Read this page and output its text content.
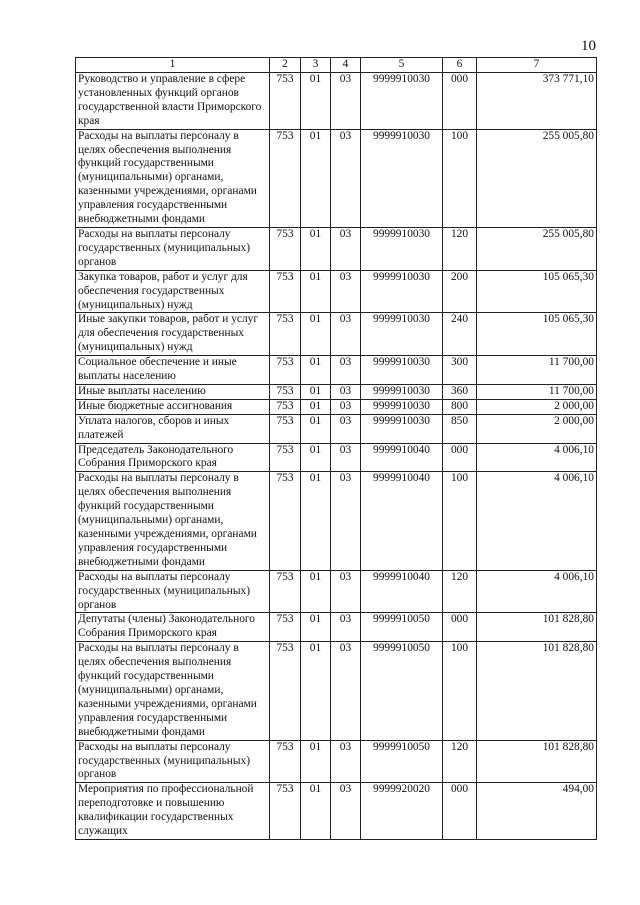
10
1	2	3	4	5	6	7
Руководство и управление в сфере установленных функций органов государственной власти Приморского края	753	01	03	9999910030	000	373 771,10
Расходы на выплаты персоналу в целях обеспечения выполнения функций государственными (муниципальными) органами, казенными учреждениями, органами управления государственными внебюджетными фондами	753	01	03	9999910030	100	255 005,80
Расходы на выплаты персоналу государственных (муниципальных) органов	753	01	03	9999910030	120	255 005,80
Закупка товаров, работ и услуг для обеспечения государственных (муниципальных) нужд	753	01	03	9999910030	200	105 065,30
Иные закупки товаров, работ и услуг для обеспечения государственных (муниципальных) нужд	753	01	03	9999910030	240	105 065,30
Социальное обеспечение и иные выплаты населению	753	01	03	9999910030	300	11 700,00
Иные выплаты населению	753	01	03	9999910030	360	11 700,00
Иные бюджетные ассигнования	753	01	03	9999910030	800	2 000,00
Уплата налогов, сборов и иных платежей	753	01	03	9999910030	850	2 000,00
Председатель Законодательного Собрания Приморского края	753	01	03	9999910040	000	4 006,10
Расходы на выплаты персоналу в целях обеспечения выполнения функций государственными (муниципальными) органами, казенными учреждениями, органами управления государственными внебюджетными фондами	753	01	03	9999910040	100	4 006,10
Расходы на выплаты персоналу государственных (муниципальных) органов	753	01	03	9999910040	120	4 006,10
Депутаты (члены) Законодательного Собрания Приморского края	753	01	03	9999910050	000	101 828,80
Расходы на выплаты персоналу в целях обеспечения выполнения функций государственными (муниципальными) органами, казенными учреждениями, органами управления государственными внебюджетными фондами	753	01	03	9999910050	100	101 828,80
Расходы на выплаты персоналу государственных (муниципальных) органов	753	01	03	9999910050	120	101 828,80
Мероприятия по профессиональной переподготовке и повышению квалификации государственных служащих	753	01	03	9999920020	000	494,00
